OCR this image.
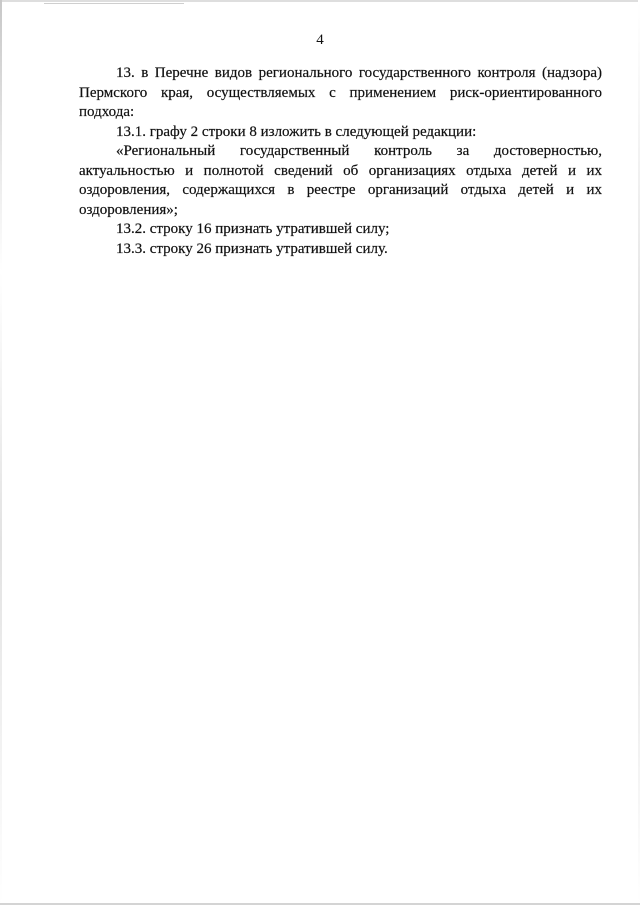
4

13. в Перечне видов регионального государственного контроля (надзора) Пермского края, осуществляемых с применением риск-ориентированного подхода:

13.1. графу 2 строки 8 изложить в следующей редакции:

«Региональный государственный контроль за достоверностью, актуальностью и полнотой сведений об организациях отдыха детей и их оздоровления, содержащихся в реестре организаций отдыха детей и их оздоровления»;

13.2. строку 16 признать утратившей силу;

13.3. строку 26 признать утратившей силу.
